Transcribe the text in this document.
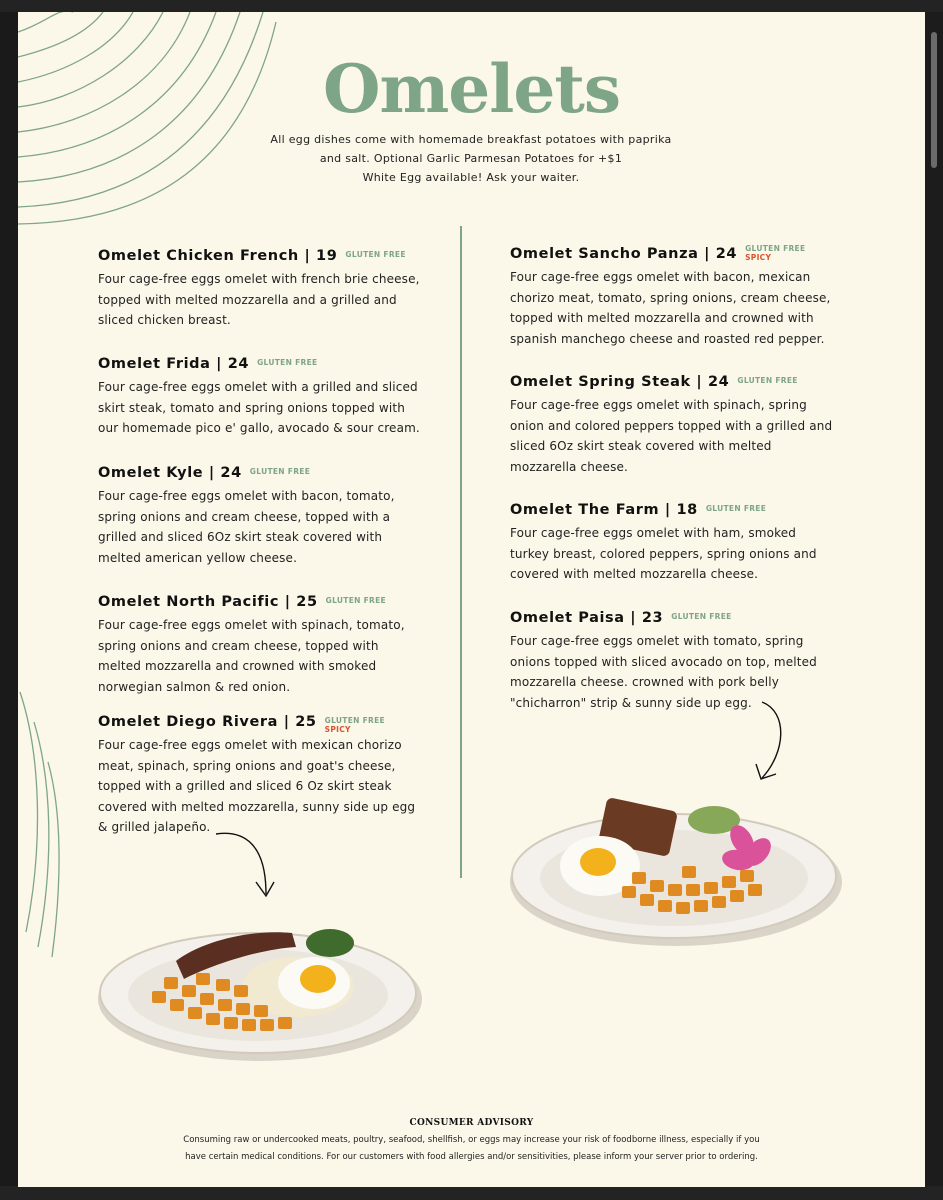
Omelets
All egg dishes come with homemade breakfast potatoes with paprika
and salt. Optional Garlic Parmesan Potatoes for +$1
White Egg available! Ask your waiter.
Omelet Chicken French | 19 GLUTEN FREE
Four cage-free eggs omelet with french brie cheese,
topped with melted mozzarella and a grilled and
sliced chicken breast.
Omelet Frida | 24 GLUTEN FREE
Four cage-free eggs omelet with a grilled and sliced
skirt steak, tomato and spring onions topped with
our homemade pico e' gallo, avocado & sour cream.
Omelet Kyle | 24 GLUTEN FREE
Four cage-free eggs omelet with bacon, tomato,
spring onions and cream cheese, topped with a
grilled and sliced 6Oz skirt steak covered with
melted american yellow cheese.
Omelet North Pacific | 25 GLUTEN FREE
Four cage-free eggs omelet with spinach, tomato,
spring onions and cream cheese, topped with
melted mozzarella and crowned with smoked
norwegian salmon & red onion.
Omelet Diego Rivera | 25 GLUTEN FREE
SPICY
Four cage-free eggs omelet with mexican chorizo
meat, spinach, spring onions and goat's cheese,
topped with a grilled and sliced 6 Oz skirt steak
covered with melted mozzarella, sunny side up egg
& grilled jalapeño.
Omelet Sancho Panza | 24 GLUTEN FREE
SPICY
Four cage-free eggs omelet with bacon, mexican
chorizo meat, tomato, spring onions, cream cheese,
topped with melted mozzarella and crowned with
spanish manchego cheese and roasted red pepper.
Omelet Spring Steak | 24 GLUTEN FREE
Four cage-free eggs omelet with spinach, spring
onion and colored peppers topped with a grilled and
sliced 6Oz skirt steak covered with melted
mozzarella cheese.
Omelet The Farm | 18 GLUTEN FREE
Four cage-free eggs omelet with ham, smoked
turkey breast, colored peppers, spring onions and
covered with melted mozzarella cheese.
Omelet Paisa | 23 GLUTEN FREE
Four cage-free eggs omelet with tomato, spring
onions topped with sliced avocado on top, melted
mozzarella cheese. crowned with pork belly
"chicharron" strip & sunny side up egg.
CONSUMER ADVISORY
Consuming raw or undercooked meats, poultry, seafood, shellfish, or eggs may increase your risk of foodborne illness, especially if you
have certain medical conditions. For our customers with food allergies and/or sensitivities, please inform your server prior to ordering.
